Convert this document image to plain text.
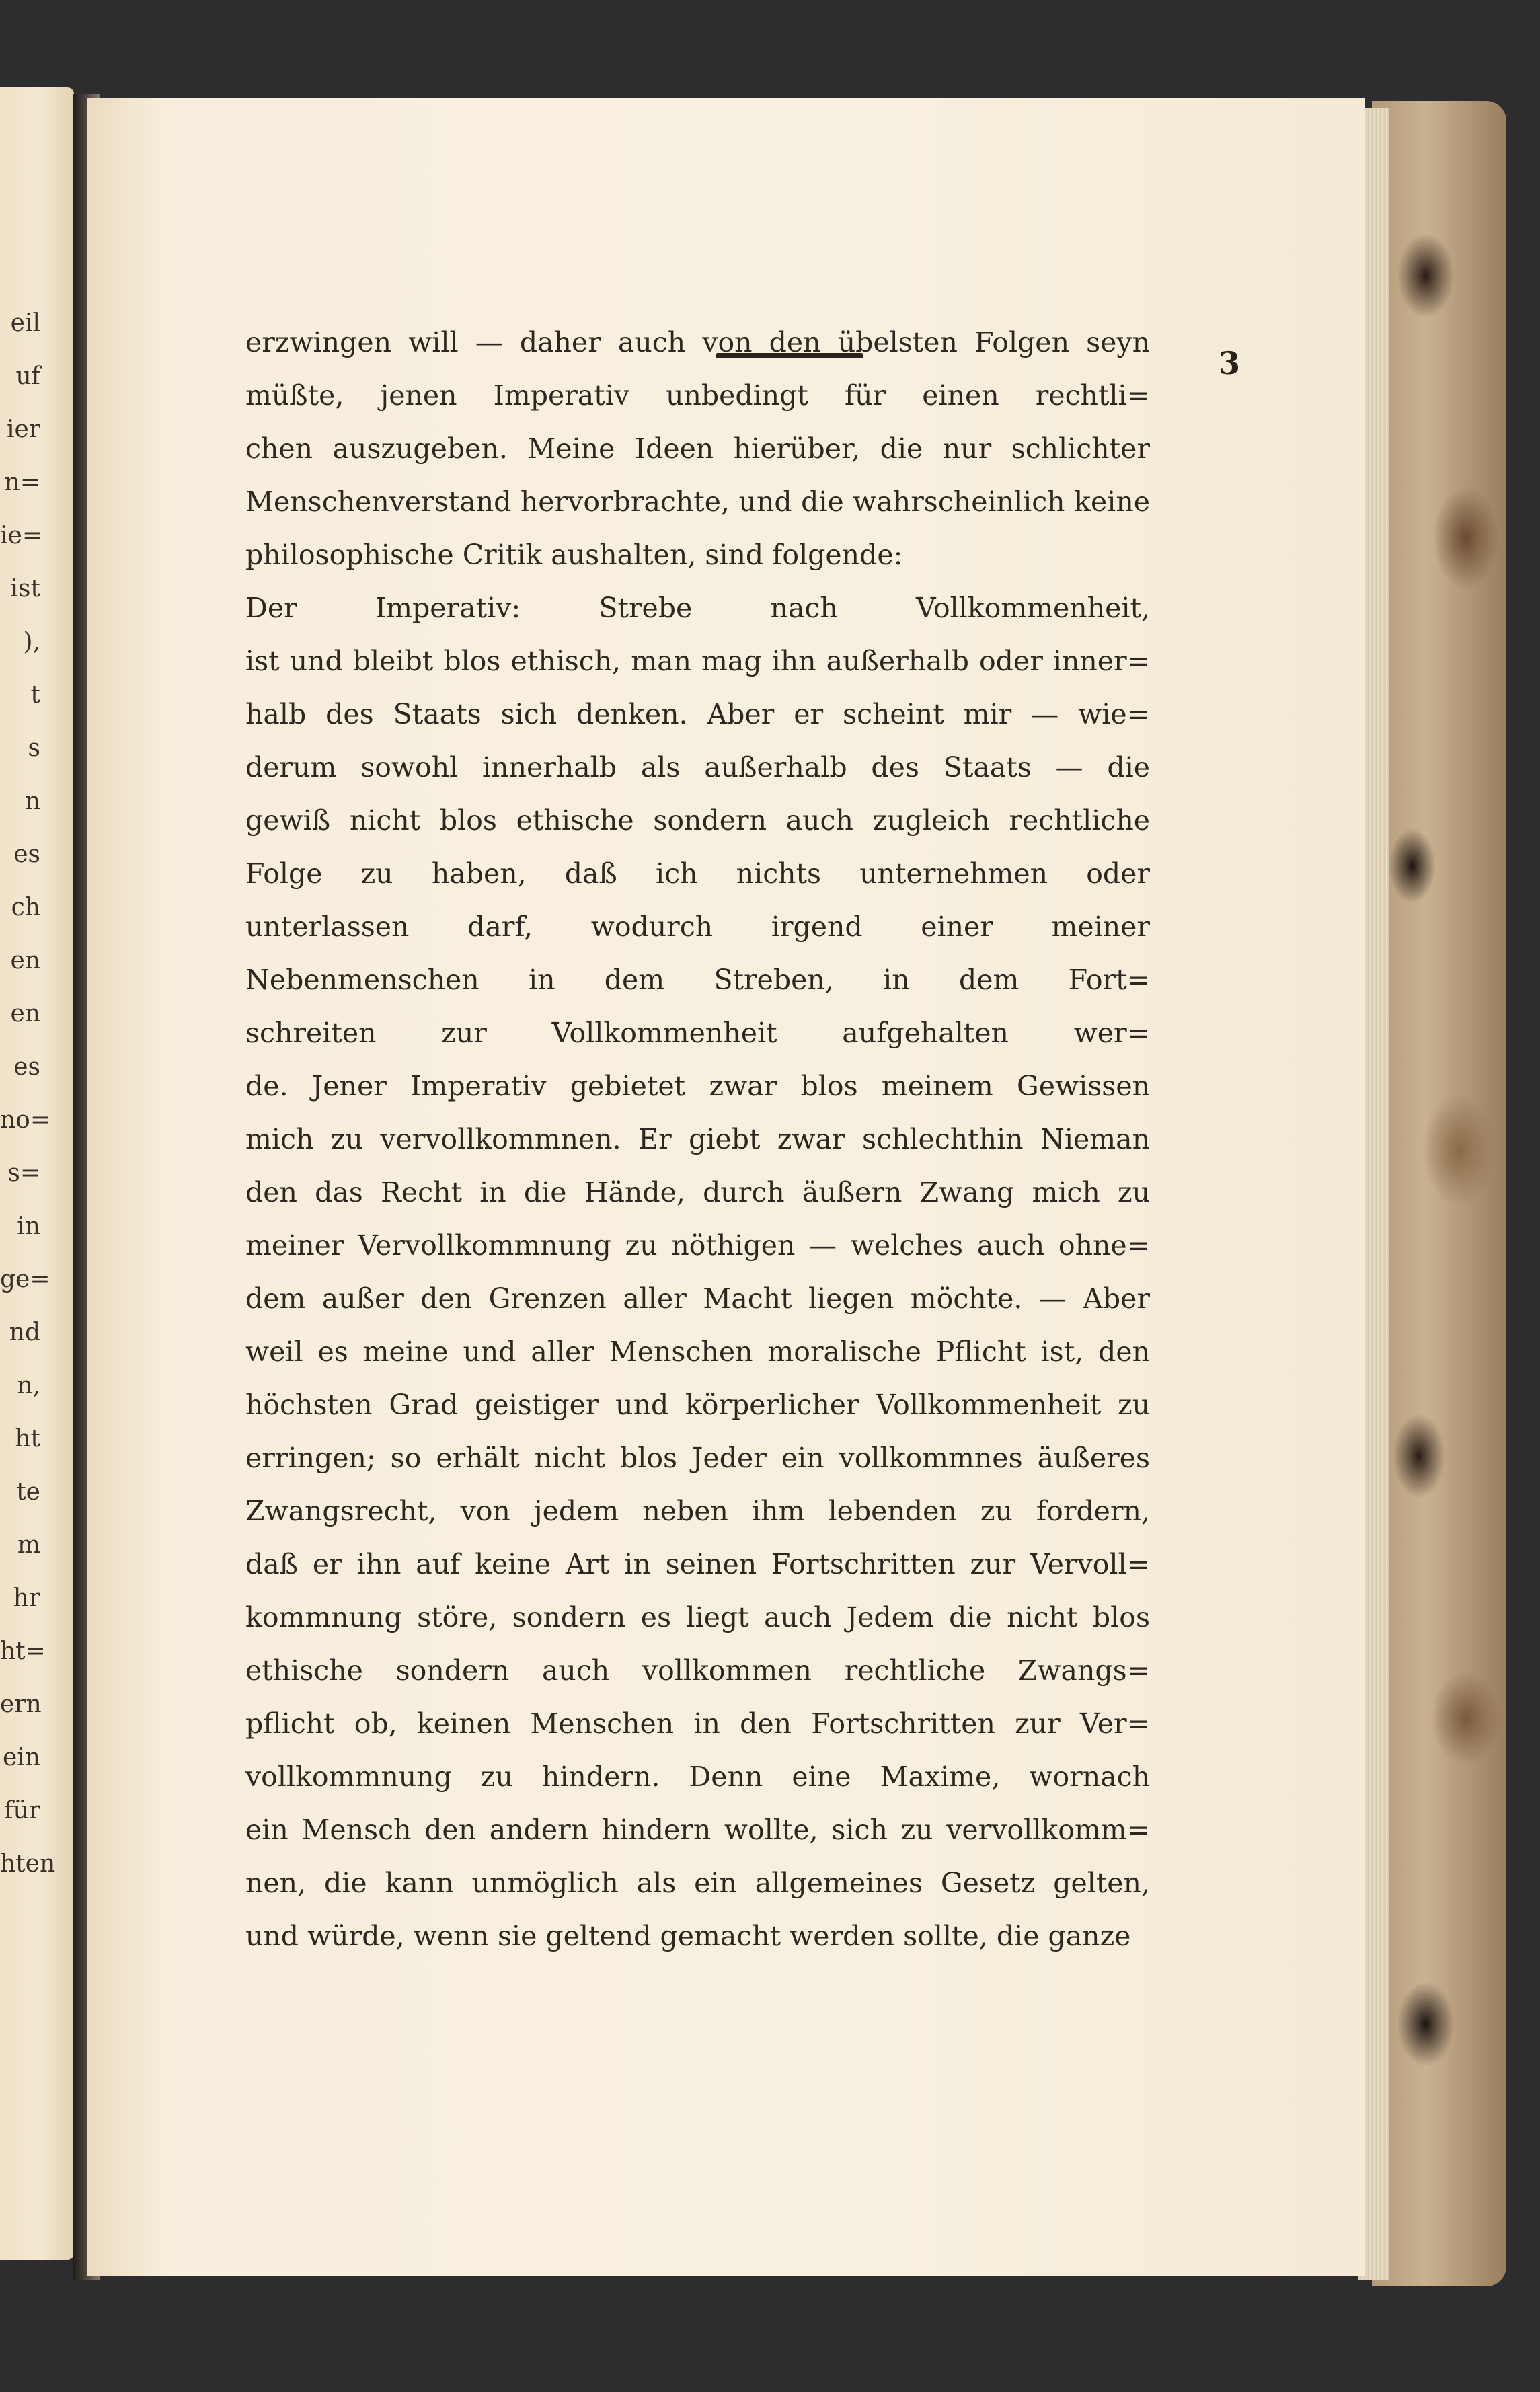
eil
uf
ier
n=
ie=
ist
),
t
s
n
es
ch
en
en
es
no=
s=
in
ge=
nd
n,
ht
te
m
hr
ht=
ern
ein
für
hten
3
erzwingen will — daher auch von den übelsten Folgen seyn
müßte, jenen Imperativ unbedingt für einen rechtli=
chen auszugeben. Meine Ideen hierüber, die nur schlichter
Menschenverstand hervorbrachte, und die wahrscheinlich keine
philosophische Critik aushalten, sind folgende:
Der Imperativ: Strebe nach Vollkommenheit,
ist und bleibt blos ethisch, man mag ihn außerhalb oder inner=
halb des Staats sich denken. Aber er scheint mir — wie=
derum sowohl innerhalb als außerhalb des Staats — die
gewiß nicht blos ethische sondern auch zugleich rechtliche
Folge zu haben, daß ich nichts unternehmen oder
unterlassen darf, wodurch irgend einer meiner
Nebenmenschen in dem Streben, in dem Fort=
schreiten zur Vollkommenheit aufgehalten wer=
de. Jener Imperativ gebietet zwar blos meinem Gewissen
mich zu vervollkommnen. Er giebt zwar schlechthin Nieman
den das Recht in die Hände, durch äußern Zwang mich zu
meiner Vervollkommnung zu nöthigen — welches auch ohne=
dem außer den Grenzen aller Macht liegen möchte. — Aber
weil es meine und aller Menschen moralische Pflicht ist, den
höchsten Grad geistiger und körperlicher Vollkommenheit zu
erringen; so erhält nicht blos Jeder ein vollkommnes äußeres
Zwangsrecht, von jedem neben ihm lebenden zu fordern,
daß er ihn auf keine Art in seinen Fortschritten zur Vervoll=
kommnung störe, sondern es liegt auch Jedem die nicht blos
ethische sondern auch vollkommen rechtliche Zwangs=
pflicht ob, keinen Menschen in den Fortschritten zur Ver=
vollkommnung zu hindern. Denn eine Maxime, wornach
ein Mensch den andern hindern wollte, sich zu vervollkomm=
nen, die kann unmöglich als ein allgemeines Gesetz gelten,
und würde, wenn sie geltend gemacht werden sollte, die ganze
